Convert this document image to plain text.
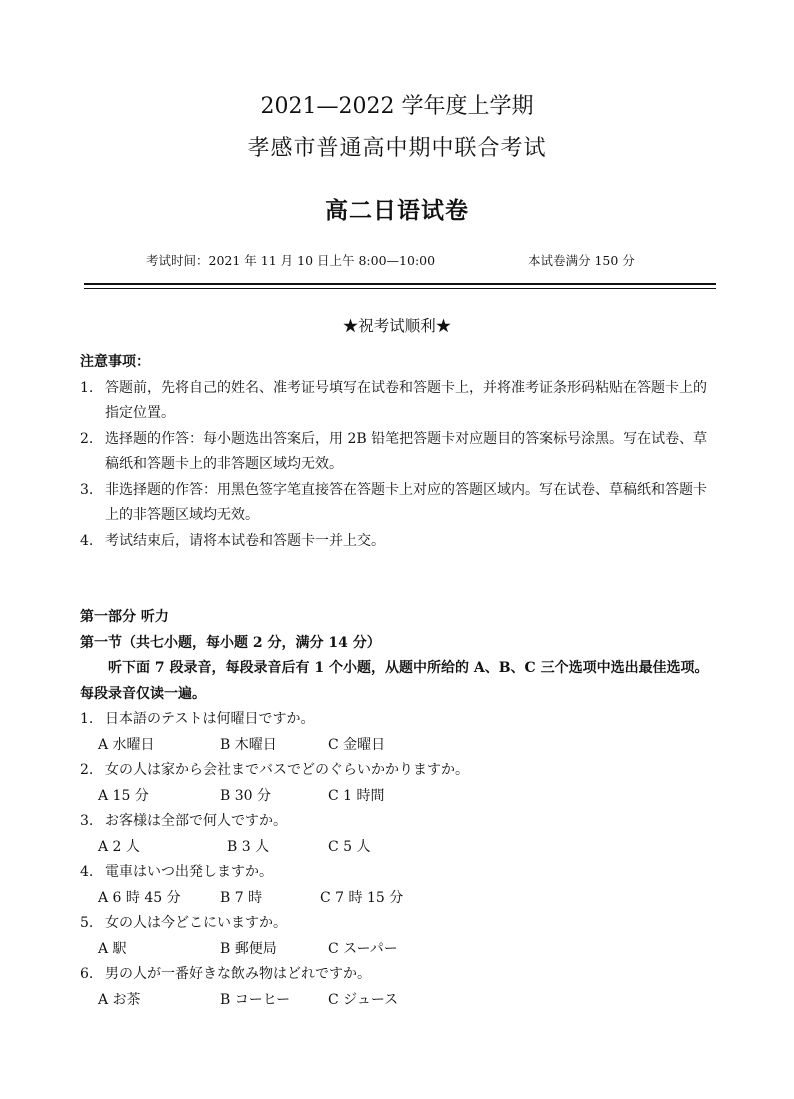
2021—2022 学年度上学期
孝感市普通高中期中联合考试
高二日语试卷
考试时间：2021 年 11 月 10 日上午 8:00—10:00	本试卷满分 150 分
★祝考试顺利★

注意事项：

1. 答题前，先将自己的姓名、准考证号填写在试卷和答题卡上，并将准考证条形码粘贴在答题卡上的指定位置。
2. 选择题的作答：每小题选出答案后，用 2B 铅笔把答题卡对应题目的答案标号涂黑。写在试卷、草稿纸和答题卡上的非答题区域均无效。
3. 非选择题的作答：用黑色签字笔直接答在答题卡上对应的答题区域内。写在试卷、草稿纸和答题卡上的非答题区域均无效。
4. 考试结束后，请将本试卷和答题卡一并上交。

第一部分 听力

第一节（共七小题，每小题 2 分，满分 14 分）

听下面 7 段录音，每段录音后有 1 个小题，从题中所给的 A、B、C 三个选项中选出最佳选项。每段录音仅读一遍。

1. 日本語のテストは何曜日ですか。
A 水曜日	B 木曜日	C 金曜日
2. 女の人は家から会社までバスでどのぐらいかかりますか。
A 15 分	B 30 分	C 1 時間
3. お客様は全部で何人ですか。
A 2 人	B 3 人	C 5 人
4. 電車はいつ出発しますか。
A 6 時 45 分	B 7 時	C 7 時 15 分
5. 女の人は今どこにいますか。
A 駅	B 郵便局	C スーパー
6. 男の人が一番好きな飲み物はどれですか。
A お茶	B コーヒー	C ジュース
